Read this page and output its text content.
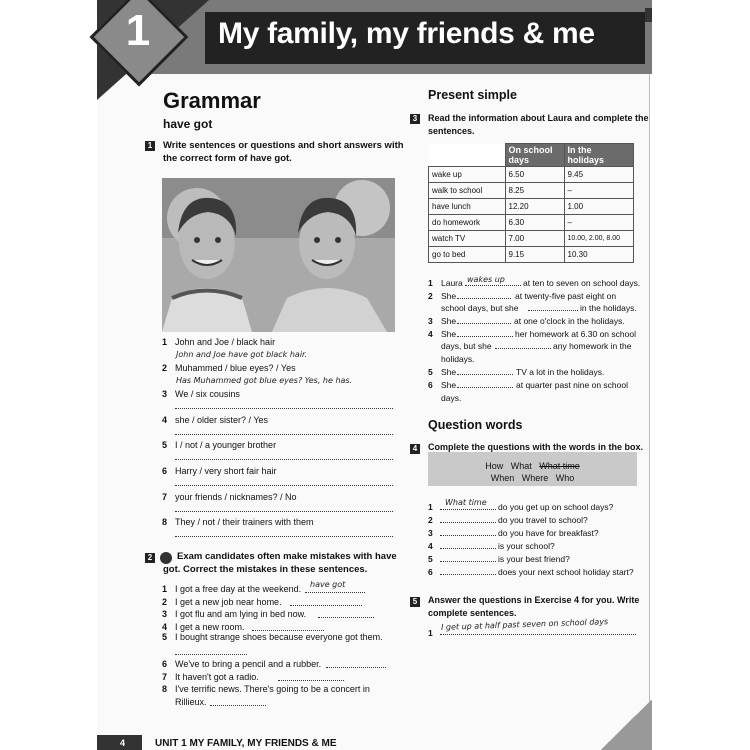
1 My family, my friends & me
Grammar
have got
1 Write sentences or questions and short answers with
the correct form of have got.
1 John and Joe / black hair
John and Joe have got black hair.
2 Muhammed / blue eyes? / Yes
Has Muhammed got blue eyes? Yes, he has.
3 We / six cousins
4 she / older sister? / Yes
5 I / not / a younger brother
6 Harry / very short fair hair
7 your friends / nicknames? / No
8 They / not / their trainers with them
2	Exam candidates often make mistakes with have
got. Correct the mistakes in these sentences.
1 I got a free day at the weekend. have got
2 I get a new job near home.
3 I got flu and am lying in bed now.
4 I get a new room.
5 I bought strange shoes because everyone got them.
6 We've to bring a pencil and a rubber.
7 It haven't got a radio.
8 I've terrific news. There's going to be a concert in
Rillieux.
Present simple
3	Read the information about Laura and complete the
sentences.
	On school days	In the holidays
wake up	6.50	9.45
walk to school	8.25	–
have lunch	12.20	1.00
do homework	6.30	–
watch TV	7.00	10.00, 2.00, 8.00
go to bed	9.15	10.30
1 Laura wakes up at ten to seven on school days.
2 She	at twenty-five past eight on
school days, but she	in the holidays.
3 She	at one o'clock in the holidays.
4 She	her homework at 6.30 on school
days, but she	any homework in the
holidays.
5 She	TV a lot in the holidays.
6 She	at quarter past nine on school
days.
Question words
4	Complete the questions with the words in the box.
How What What time
When Where Who
1 What time do you get up on school days?
2	do you travel to school?
3	do you have for breakfast?
4	is your school?
5	is your best friend?
6	does your next school holiday start?
5	Answer the questions in Exercise 4 for you. Write
complete sentences.
1
I get up at half past seven on school days
4	UNIT 1 MY FAMILY, MY FRIENDS & ME
